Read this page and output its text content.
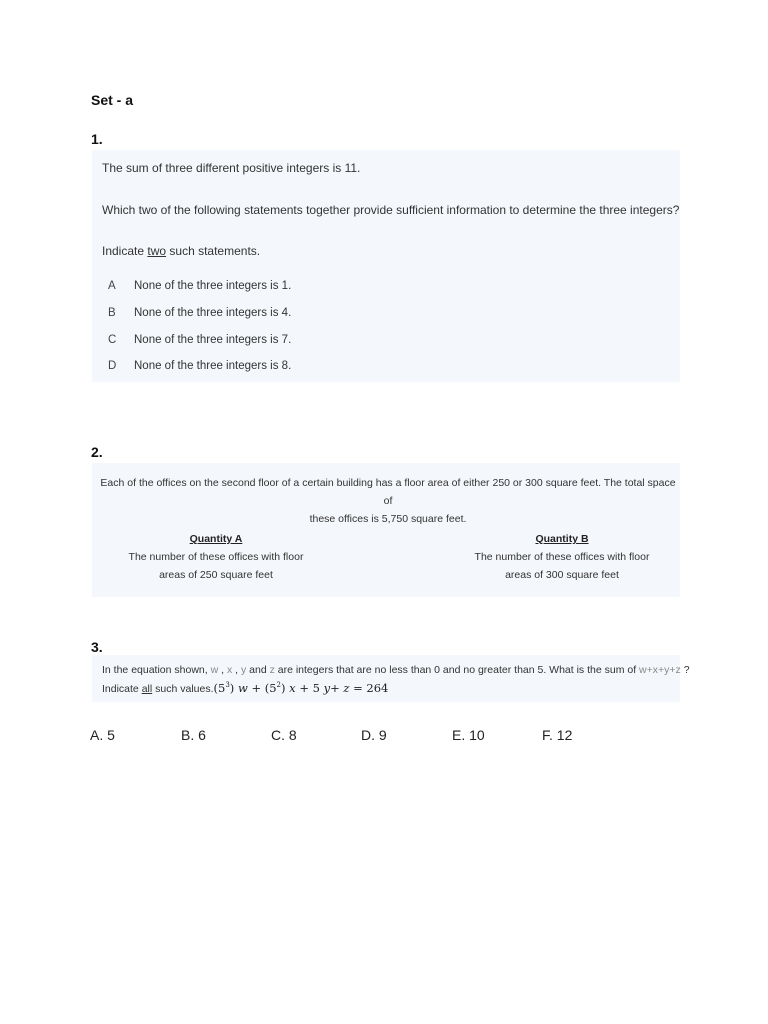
Set - a
1.
The sum of three different positive integers is 11.
Which two of the following statements together provide sufficient information to determine the three integers?
Indicate two such statements.
A	None of the three integers is 1.
B	None of the three integers is 4.
C	None of the three integers is 7.
D	None of the three integers is 8.
2.
Each of the offices on the second floor of a certain building has a floor area of either 250 or 300 square feet. The total space of
these offices is 5,750 square feet.
Quantity A
The number of these offices with floor
areas of 250 square feet
Quantity B
The number of these offices with floor
areas of 300 square feet
3.
In the equation shown, w , x , y and z are integers that are no less than 0 and no greater than 5. What is the sum of w+x+y+z ?
Indicate all such $values.(5^3) w + (5^2) x + 5$ y+ z = 264
A. 5	B. 6	C. 8	D. 9	E. 10	F. 12
